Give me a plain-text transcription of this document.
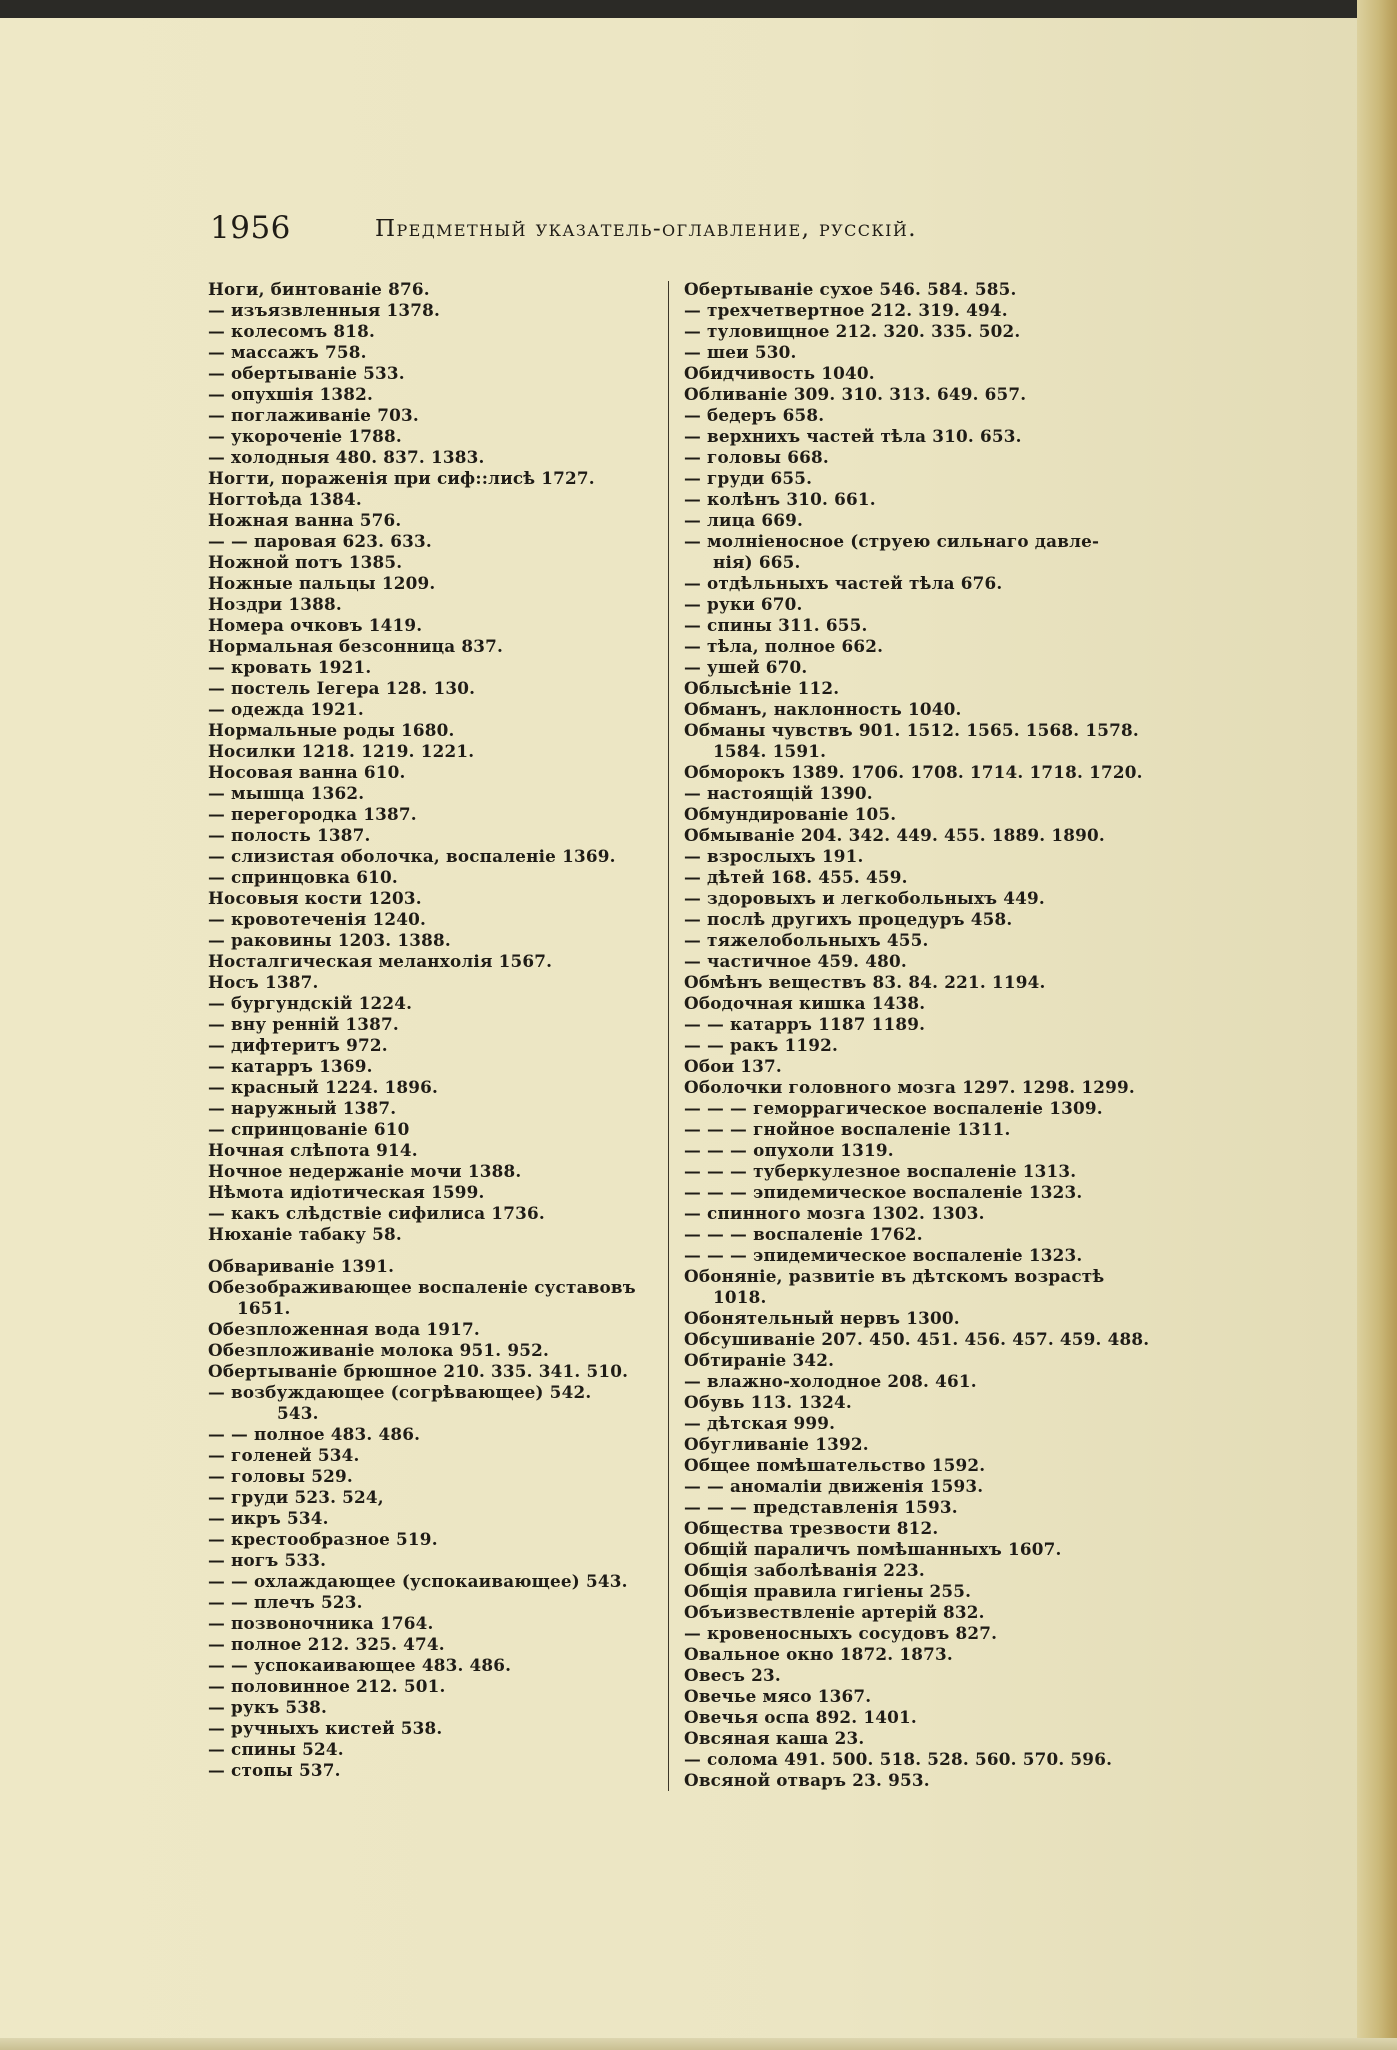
1956	Предметный указатель-оглавление, русскій.
Ноги, бинтованіе 876.
— изъязвленныя 1378.
— колесомъ 818.
— массажъ 758.
— обертываніе 533.
— опухшія 1382.
— поглаживаніе 703.
— укороченіе 1788.
— холодныя 480. 837. 1383.
Ногти, пораженія при сиф::лисѣ 1727.
Ногтоѣда 1384.
Ножная ванна 576.
— — паровая 623. 633.
Ножной потъ 1385.
Ножные пальцы 1209.
Ноздри 1388.
Номера очковъ 1419.
Нормальная безсонница 837.
— кровать 1921.
— постель Iегера 128. 130.
— одежда 1921.
Нормальные роды 1680.
Носилки 1218. 1219. 1221.
Носовая ванна 610.
— мышца 1362.
— перегородка 1387.
— полость 1387.
— слизистая оболочка, воспаленіе 1369.
— спринцовка 610.
Носовыя кости 1203.
— кровотеченія 1240.
— раковины 1203. 1388.
Носталгическая меланхолія 1567.
Носъ 1387.
— бургундскій 1224.
— вну ренній 1387.
— дифтеритъ 972.
— катарръ 1369.
— красный 1224. 1896.
— наружный 1387.
— спринцованіе 610
Ночная слѣпота 914.
Ночное недержаніе мочи 1388.
Нѣмота идіотическая 1599.
— какъ слѣдствіе сифилиса 1736.
Нюханіе табаку 58.
Обвариваніе 1391.
Обезображивающее воспаленіе суставовъ
1651.
Обезпложенная вода 1917.
Обезпложиваніе молока 951. 952.
Обертываніе брюшное 210. 335. 341. 510.
— возбуждающее (согрѣвающее) 542.
543.
— — полное 483. 486.
— голеней 534.
— головы 529.
— груди 523. 524,
— икръ 534.
— крестообразное 519.
— ногъ 533.
— — охлаждающее (успокаивающее) 543.
— — плечъ 523.
— позвоночника 1764.
— полное 212. 325. 474.
— — успокаивающее 483. 486.
— половинное 212. 501.
— рукъ 538.
— ручныхъ кистей 538.
— спины 524.
— стопы 537.
Обертываніе сухое 546. 584. 585.
— трехчетвертное 212. 319. 494.
— туловищное 212. 320. 335. 502.
— шеи 530.
Обидчивость 1040.
Обливаніе 309. 310. 313. 649. 657.
— бедеръ 658.
— верхнихъ частей тѣла 310. 653.
— головы 668.
— груди 655.
— колѣнъ 310. 661.
— лица 669.
— молніеносное (струею сильнаго давле-
нія) 665.
— отдѣльныхъ частей тѣла 676.
— руки 670.
— спины 311. 655.
— тѣла, полное 662.
— ушей 670.
Облысѣніе 112.
Обманъ, наклонность 1040.
Обманы чувствъ 901. 1512. 1565. 1568. 1578.
1584. 1591.
Обморокъ 1389. 1706. 1708. 1714. 1718. 1720.
— настоящій 1390.
Обмундированіе 105.
Обмываніе 204. 342. 449. 455. 1889. 1890.
— взрослыхъ 191.
— дѣтей 168. 455. 459.
— здоровыхъ и легкобольныхъ 449.
— послѣ другихъ процедуръ 458.
— тяжелобольныхъ 455.
— частичное 459. 480.
Обмѣнъ веществъ 83. 84. 221. 1194.
Ободочная кишка 1438.
— — катарръ 1187 1189.
— — ракъ 1192.
Обои 137.
Оболочки головного мозга 1297. 1298. 1299.
— — — геморрагическое воспаленіе 1309.
— — — гнойное воспаленіе 1311.
— — — опухоли 1319.
— — — туберкулезное воспаленіе 1313.
— — — эпидемическое воспаленіе 1323.
— спинного мозга 1302. 1303.
— — — воспаленіе 1762.
— — — эпидемическое воспаленіе 1323.
Обоняніе, развитіе въ дѣтскомъ возрастѣ
1018.
Обонятельный нервъ 1300.
Обсушиваніе 207. 450. 451. 456. 457. 459. 488.
Обтираніе 342.
— влажно-холодное 208. 461.
Обувь 113. 1324.
— дѣтская 999.
Обугливаніе 1392.
Общее помѣшательство 1592.
— — аномаліи движенія 1593.
— — — представленія 1593.
Общества трезвости 812.
Общій параличъ помѣшанныхъ 1607.
Общія заболѣванія 223.
Общія правила гигіены 255.
Объизвествленіе артерій 832.
— кровеносныхъ сосудовъ 827.
Овальное окно 1872. 1873.
Овесъ 23.
Овечье мясо 1367.
Овечья оспа 892. 1401.
Овсяная каша 23.
— солома 491. 500. 518. 528. 560. 570. 596.
Овсяной отваръ 23. 953.
